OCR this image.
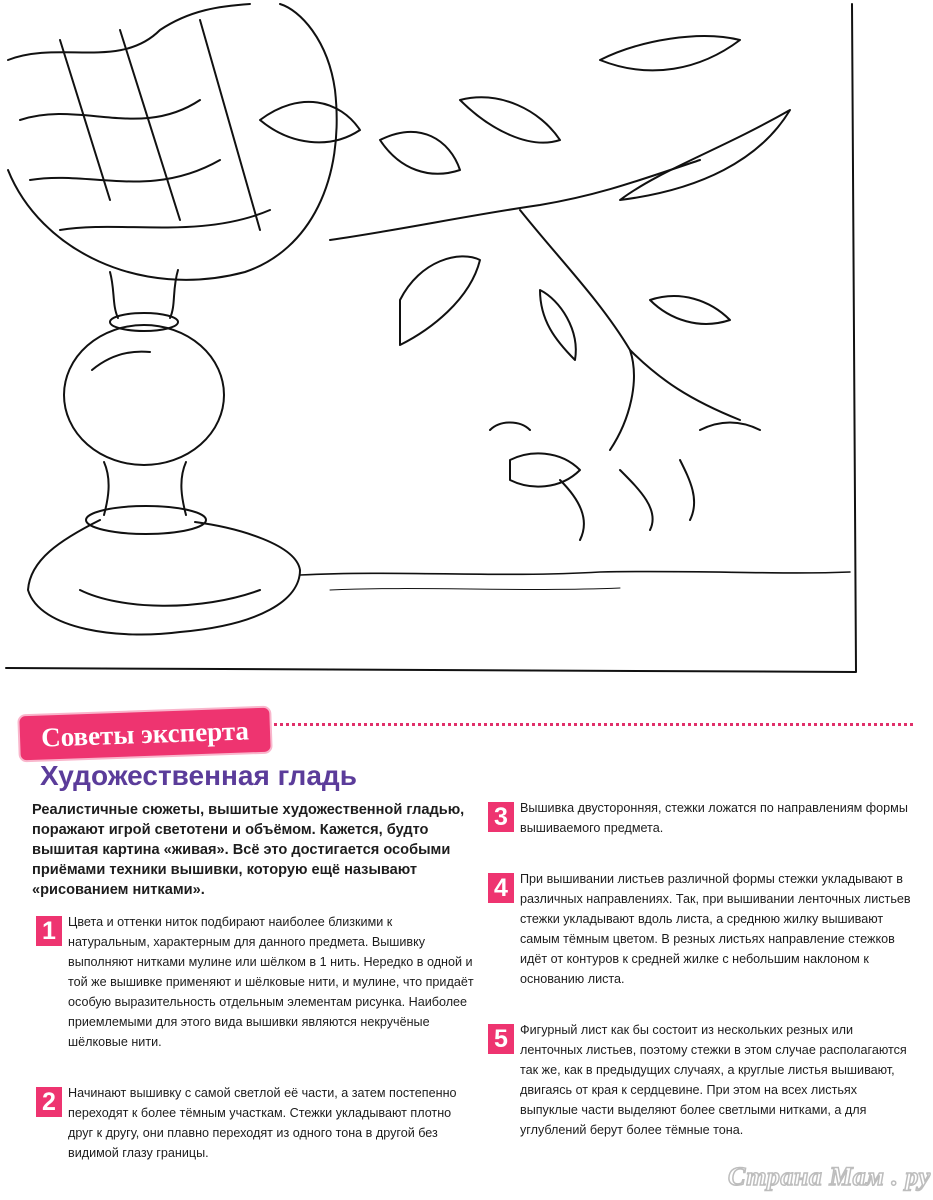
Советы эксперта
Художественная гладь
Реалистичные сюжеты, вышитые художественной гладью, поражают игрой светотени и объёмом. Кажется, будто вышитая картина «живая». Всё это достигается особыми приёмами техники вышивки, которую ещё называют «рисованием нитками».
1 Цвета и оттенки ниток подбирают наиболее близкими к натуральным, характерным для данного предмета. Вышивку выполняют нитками мулине или шёлком в 1 нить. Нередко в одной и той же вышивке применяют и шёлковые нити, и мулине, что придаёт особую выразительность отдельным элементам рисунка. Наиболее приемлемыми для этого вида вышивки являются некручёные шёлковые нити.
2 Начинают вышивку с самой светлой её части, а затем постепенно переходят к более тёмным участкам. Стежки укладывают плотно друг к другу, они плавно переходят из одного тона в другой без видимой глазу границы.
3 Вышивка двусторонняя, стежки ложатся по направлениям формы вышиваемого предмета.
4 При вышивании листьев различной формы стежки укладывают в различных направлениях. Так, при вышивании ленточных листьев стежки укладывают вдоль листа, а среднюю жилку вышивают самым тёмным цветом. В резных листьях направление стежков идёт от контуров к средней жилке с небольшим наклоном к основанию листа.
5 Фигурный лист как бы состоит из нескольких резных или ленточных листьев, поэтому стежки в этом случае располагаются так же, как в предыдущих случаях, а круглые листья вышивают, двигаясь от края к сердцевине. При этом на всех листьях выпуклые части выделяют более светлыми нитками, а для углублений берут более тёмные тона.
Страна Мам . ру
